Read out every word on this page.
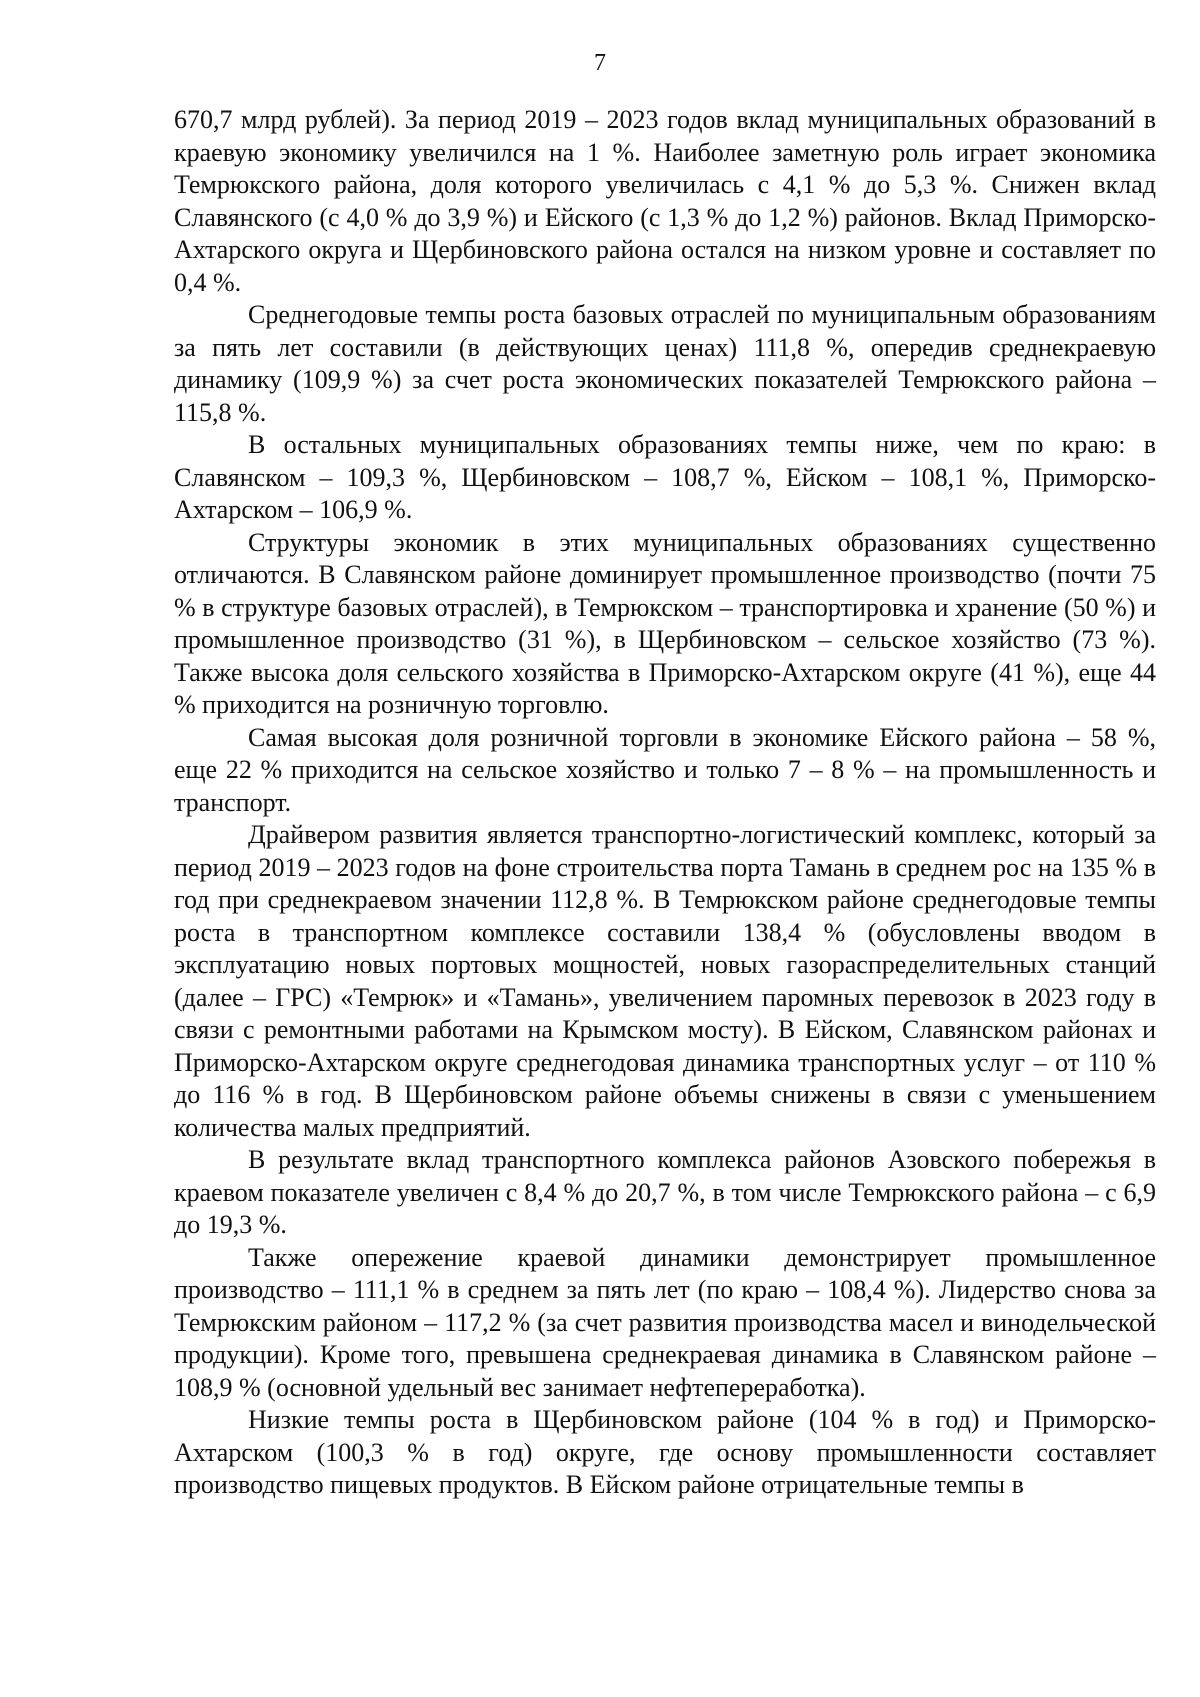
7

670,7 млрд рублей). За период 2019 – 2023 годов вклад муниципальных образований в краевую экономику увеличился на 1 %. Наиболее заметную роль играет экономика Темрюкского района, доля которого увеличилась с 4,1 % до 5,3 %. Снижен вклад Славянского (с 4,0 % до 3,9 %) и Ейского (с 1,3 % до 1,2 %) районов. Вклад Приморско-Ахтарского округа и Щербиновского района остался на низком уровне и составляет по 0,4 %.

Среднегодовые темпы роста базовых отраслей по муниципальным образованиям за пять лет составили (в действующих ценах) 111,8 %, опередив среднекраевую динамику (109,9 %) за счет роста экономических показателей Темрюкского района –115,8 %.

В остальных муниципальных образованиях темпы ниже, чем по краю: в Славянском – 109,3 %, Щербиновском – 108,7 %, Ейском – 108,1 %, Приморско-Ахтарском – 106,9 %.

Структуры экономик в этих муниципальных образованиях существенно отличаются. В Славянском районе доминирует промышленное производство (почти 75 % в структуре базовых отраслей), в Темрюкском – транспортировка и хранение (50 %) и промышленное производство (31 %), в Щербиновском – сельское хозяйство (73 %). Также высока доля сельского хозяйства в Приморско-Ахтарском округе (41 %), еще 44 % приходится на розничную торговлю.

Самая высокая доля розничной торговли в экономике Ейского района – 58 %, еще 22 % приходится на сельское хозяйство и только 7 – 8 % – на промышленность и транспорт.

Драйвером развития является транспортно-логистический комплекс, который за период 2019 – 2023 годов на фоне строительства порта Тамань в среднем рос на 135 % в год при среднекраевом значении 112,8 %. В Темрюкском районе среднегодовые темпы роста в транспортном комплексе составили 138,4 % (обусловлены вводом в эксплуатацию новых портовых мощностей, новых газораспределительных станций (далее – ГРС) «Темрюк» и «Тамань», увеличением паромных перевозок в 2023 году в связи с ремонтными работами на Крымском мосту). В Ейском, Славянском районах и Приморско-Ахтарском округе среднегодовая динамика транспортных услуг – от 110 % до 116 % в год. В Щербиновском районе объемы снижены в связи с уменьшением количества малых предприятий.

В результате вклад транспортного комплекса районов Азовского побережья в краевом показателе увеличен с 8,4 % до 20,7 %, в том числе Темрюкского района – с 6,9 до 19,3 %.

Также опережение краевой динамики демонстрирует промышленное производство – 111,1 % в среднем за пять лет (по краю – 108,4 %). Лидерство снова за Темрюкским районом – 117,2 % (за счет развития производства масел и винодельческой продукции). Кроме того, превышена среднекраевая динамика в Славянском районе – 108,9 % (основной удельный вес занимает нефтепереработка).

Низкие темпы роста в Щербиновском районе (104 % в год) и Приморско-Ахтарском (100,3 % в год) округе, где основу промышленности составляет производство пищевых продуктов. В Ейском районе отрицательные темпы в
